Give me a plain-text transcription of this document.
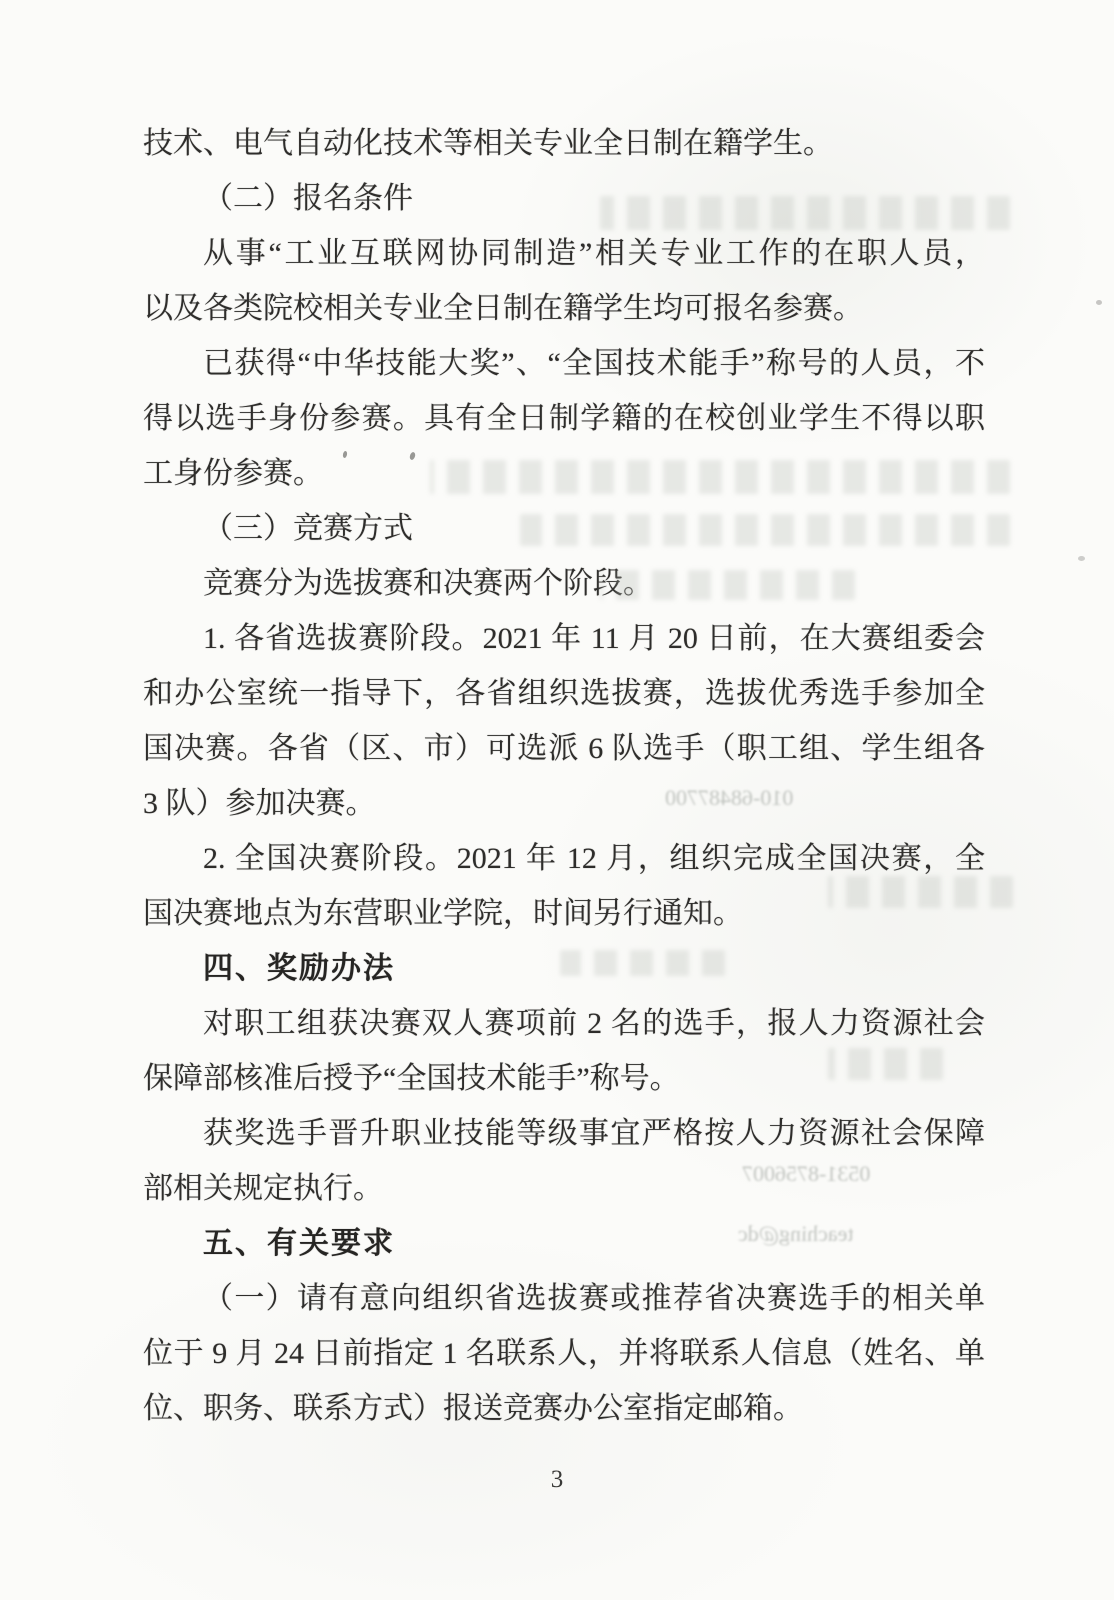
技术、电气自动化技术等相关专业全日制在籍学生。
（二）报名条件
从事“工业互联网协同制造”相关专业工作的在职人员，
以及各类院校相关专业全日制在籍学生均可报名参赛。
已获得“中华技能大奖”、“全国技术能手”称号的人员，不
得以选手身份参赛。具有全日制学籍的在校创业学生不得以职
工身份参赛。
（三）竞赛方式
竞赛分为选拔赛和决赛两个阶段。
1. 各省选拔赛阶段。2021 年 11 月 20 日前，在大赛组委会
和办公室统一指导下，各省组织选拔赛，选拔优秀选手参加全
国决赛。各省（区、市）可选派 6 队选手（职工组、学生组各
3 队）参加决赛。
2. 全国决赛阶段。2021 年 12 月，组织完成全国决赛，全
国决赛地点为东营职业学院，时间另行通知。
四、奖励办法
对职工组获决赛双人赛项前 2 名的选手，报人力资源社会
保障部核准后授予“全国技术能手”称号。
获奖选手晋升职业技能等级事宜严格按人力资源社会保障
部相关规定执行。
五、有关要求
（一）请有意向组织省选拔赛或推荐省决赛选手的相关单
位于 9 月 24 日前指定 1 名联系人，并将联系人信息（姓名、单
位、职务、联系方式）报送竞赛办公室指定邮箱。
010-68487700
0531-8756007
teaching@dc
3
